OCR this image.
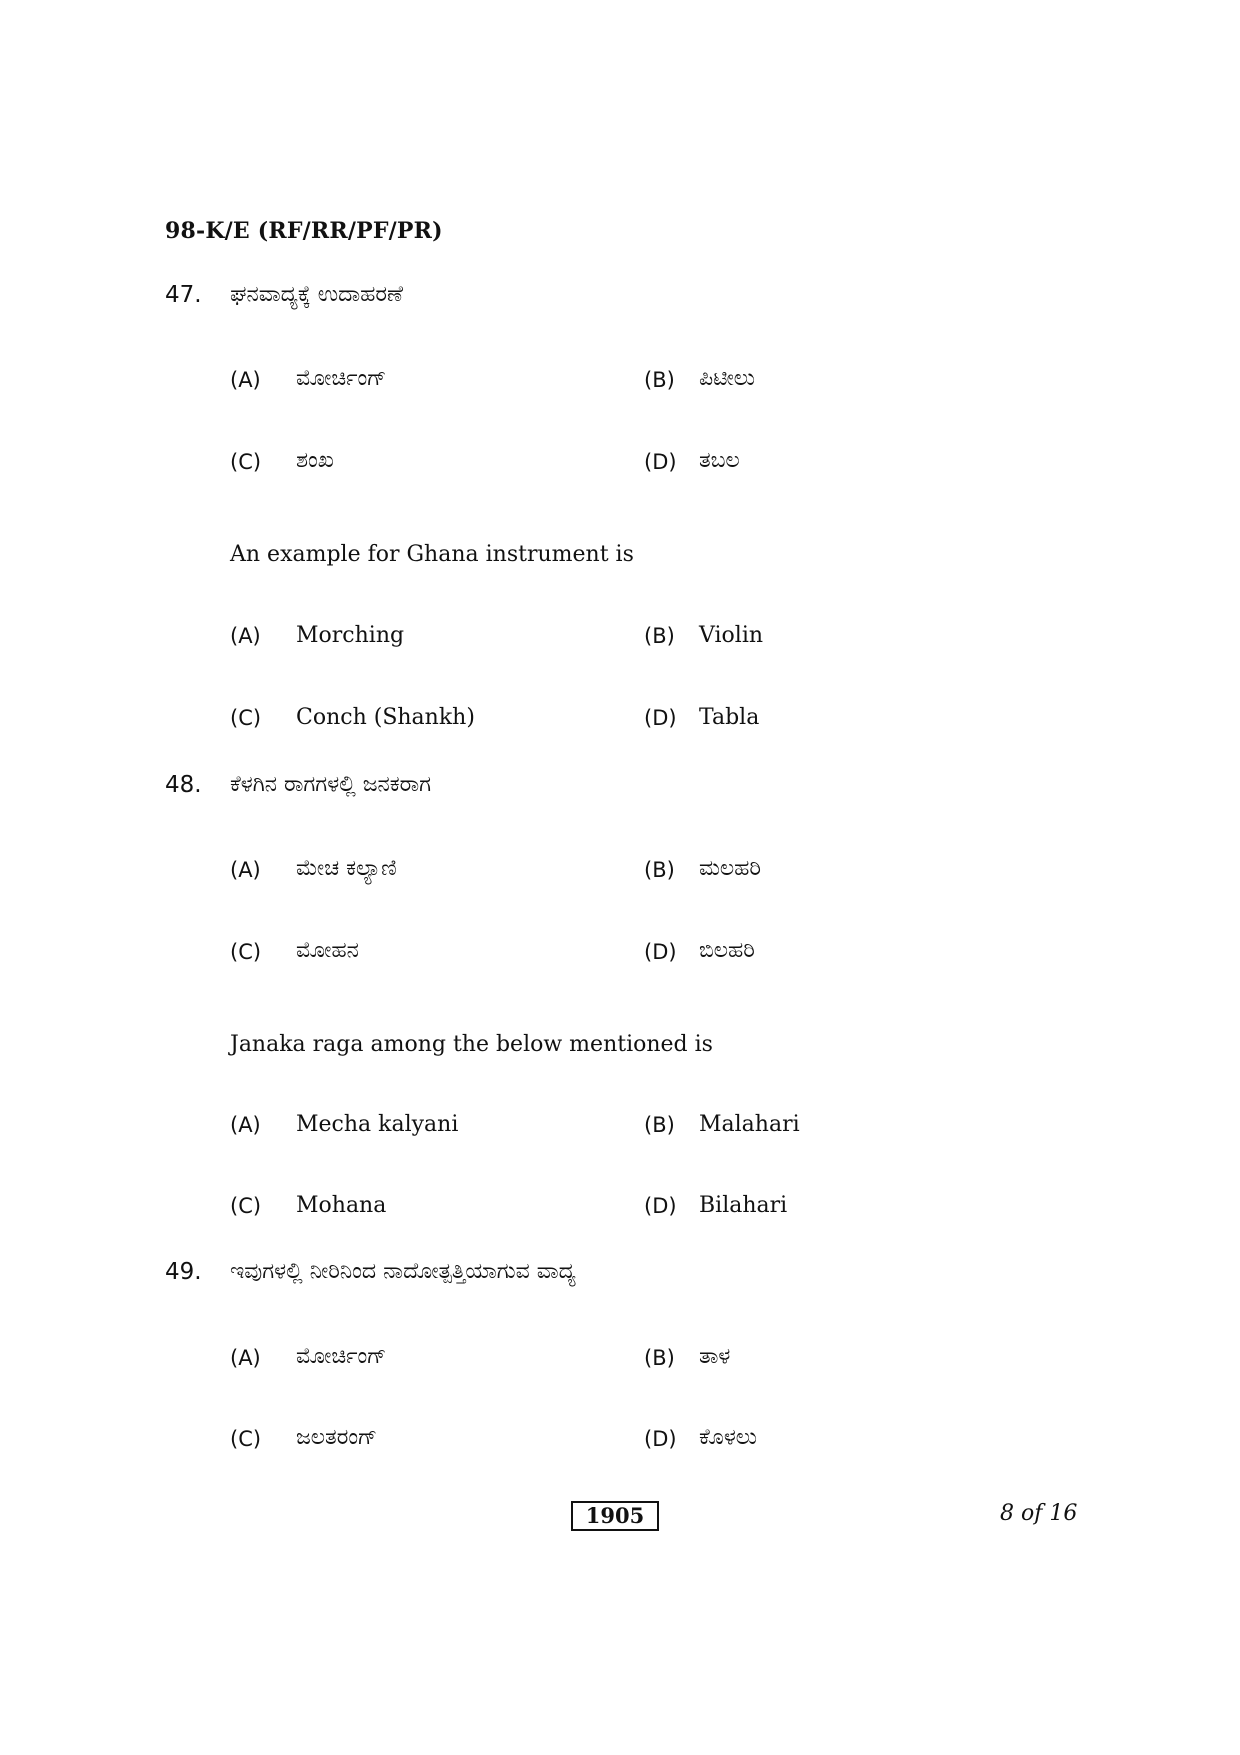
98-K/E (RF/RR/PF/PR)
47. ಘನವಾದ್ಯಕ್ಕೆ ಉದಾಹರಣೆ
(A) ಮೋರ್ಚಿಂಗ್	(B) ಪಿಟೀಲು
(C) ಶಂಖ	(D) ತಬಲ
An example for Ghana instrument is
(A) Morching	(B) Violin
(C) Conch (Shankh)	(D) Tabla
48. ಕೆಳಗಿನ ರಾಗಗಳಲ್ಲಿ ಜನಕರಾಗ
(A) ಮೇಚ ಕಲ್ಯಾಣಿ	(B) ಮಲಹರಿ
(C) ಮೋಹನ	(D) ಬಿಲಹರಿ
Janaka raga among the below mentioned is
(A) Mecha kalyani	(B) Malahari
(C) Mohana	(D) Bilahari
49. ಇವುಗಳಲ್ಲಿ ನೀರಿನಿಂದ ನಾದೋತ್ಪತ್ತಿಯಾಗುವ ವಾದ್ಯ
(A) ಮೋರ್ಚಿಂಗ್	(B) ತಾಳ
(C) ಜಲತರಂಗ್	(D) ಕೊಳಲು
1905	8 of 16
